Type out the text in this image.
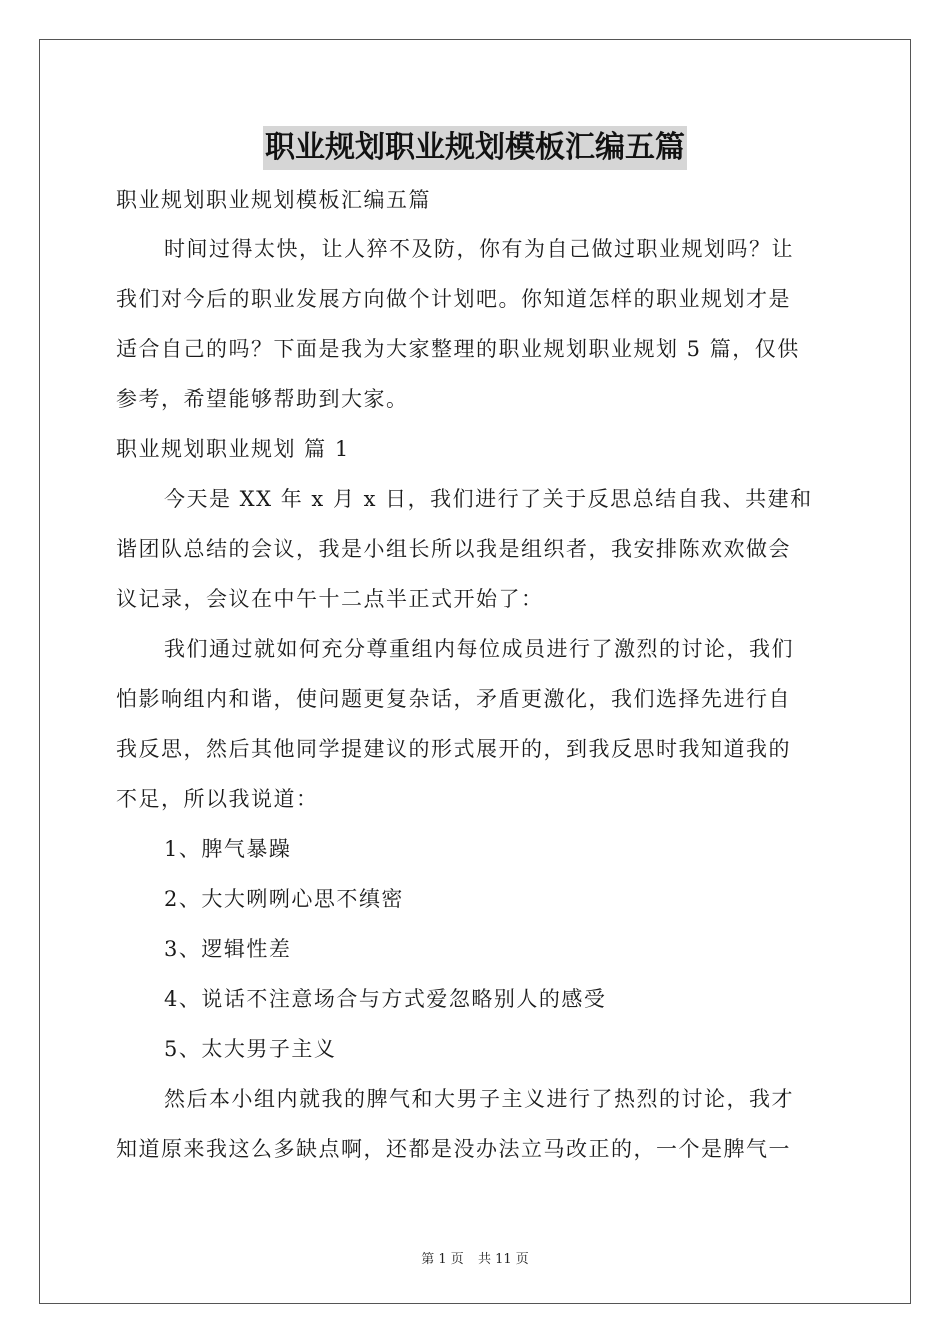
职业规划职业规划模板汇编五篇
职业规划职业规划模板汇编五篇
时间过得太快，让人猝不及防，你有为自己做过职业规划吗？让
我们对今后的职业发展方向做个计划吧。你知道怎样的职业规划才是
适合自己的吗？下面是我为大家整理的职业规划职业规划 5 篇，仅供
参考，希望能够帮助到大家。
职业规划职业规划 篇 1
今天是 XX 年 x 月 x 日，我们进行了关于反思总结自我、共建和
谐团队总结的会议，我是小组长所以我是组织者，我安排陈欢欢做会
议记录，会议在中午十二点半正式开始了：
我们通过就如何充分尊重组内每位成员进行了激烈的讨论，我们
怕影响组内和谐，使问题更复杂话，矛盾更激化，我们选择先进行自
我反思，然后其他同学提建议的形式展开的，到我反思时我知道我的
不足，所以我说道：
1、脾气暴躁
2、大大咧咧心思不缜密
3、逻辑性差
4、说话不注意场合与方式爱忽略别人的感受
5、太大男子主义
然后本小组内就我的脾气和大男子主义进行了热烈的讨论，我才
知道原来我这么多缺点啊，还都是没办法立马改正的，一个是脾气一
第 1 页 共 11 页
